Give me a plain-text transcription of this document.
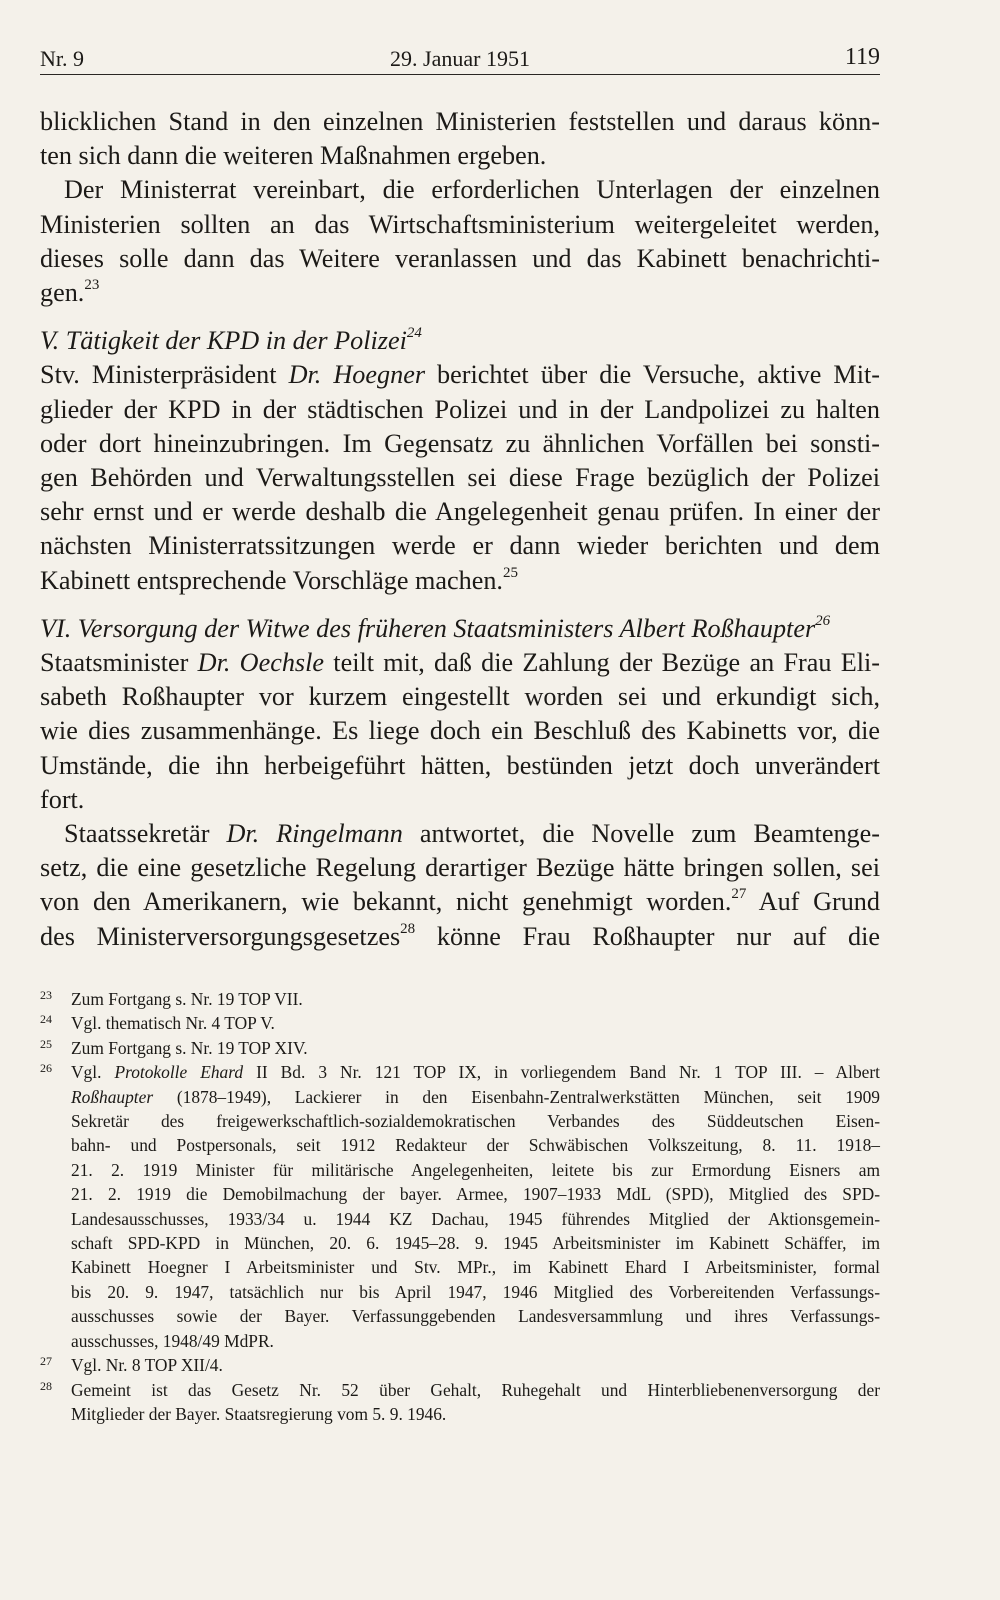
Nr. 9	29. Januar 1951	119

blicklichen Stand in den einzelnen Ministerien feststellen und daraus könn-

ten sich dann die weiteren Maßnahmen ergeben.

Der Ministerrat vereinbart, die erforderlichen Unterlagen der einzelnen

Ministerien sollten an das Wirtschaftsministerium weitergeleitet werden,

dieses solle dann das Weitere veranlassen und das Kabinett benachrichti-

gen.$^{23}$

V. Tätigkeit der KPD in der Polizei$^{24}$

Stv. Ministerpräsident Dr. Hoegner berichtet über die Versuche, aktive Mit-

glieder der KPD in der städtischen Polizei und in der Landpolizei zu halten

oder dort hineinzubringen. Im Gegensatz zu ähnlichen Vorfällen bei sonsti-

gen Behörden und Verwaltungsstellen sei diese Frage bezüglich der Polizei

sehr ernst und er werde deshalb die Angelegenheit genau prüfen. In einer der

nächsten Ministerratssitzungen werde er dann wieder berichten und dem

Kabinett entsprechende Vorschläge machen.$^{25}$

VI. Versorgung der Witwe des früheren Staatsministers Albert Roßhaupter$^{26}$

Staatsminister Dr. Oechsle teilt mit, daß die Zahlung der Bezüge an Frau Eli-

sabeth Roßhaupter vor kurzem eingestellt worden sei und erkundigt sich,

wie dies zusammenhänge. Es liege doch ein Beschluß des Kabinetts vor, die

Umstände, die ihn herbeigeführt hätten, bestünden jetzt doch unverändert

fort.

Staatssekretär Dr. Ringelmann antwortet, die Novelle zum Beamtenge-

setz, die eine gesetzliche Regelung derartiger Bezüge hätte bringen sollen, sei

von den Amerikanern, wie bekannt, nicht genehmigt worden.$^{27}$ Auf Grund

des Ministerversorgungsgesetzes$^{28}$ könne Frau Roßhaupter nur auf die

23 Zum Fortgang s. Nr. 19 TOP VII.
24 Vgl. thematisch Nr. 4 TOP V.
25 Zum Fortgang s. Nr. 19 TOP XIV.
26 Vgl. Protokolle Ehard II Bd. 3 Nr. 121 TOP IX, in vorliegendem Band Nr. 1 TOP III. – Albert
Roßhaupter (1878–1949), Lackierer in den Eisenbahn-Zentralwerkstätten München, seit 1909
Sekretär des freigewerkschaftlich-sozialdemokratischen Verbandes des Süddeutschen Eisen-
bahn- und Postpersonals, seit 1912 Redakteur der Schwäbischen Volkszeitung, 8. 11. 1918–
21. 2. 1919 Minister für militärische Angelegenheiten, leitete bis zur Ermordung Eisners am
21. 2. 1919 die Demobilmachung der bayer. Armee, 1907–1933 MdL (SPD), Mitglied des SPD-
Landesausschusses, 1933/34 u. 1944 KZ Dachau, 1945 führendes Mitglied der Aktionsgemein-
schaft SPD-KPD in München, 20. 6. 1945–28. 9. 1945 Arbeitsminister im Kabinett Schäffer, im
Kabinett Hoegner I Arbeitsminister und Stv. MPr., im Kabinett Ehard I Arbeitsminister, formal
bis 20. 9. 1947, tatsächlich nur bis April 1947, 1946 Mitglied des Vorbereitenden Verfassungs-
ausschusses sowie der Bayer. Verfassunggebenden Landesversammlung und ihres Verfassungs-
ausschusses, 1948/49 MdPR.
27 Vgl. Nr. 8 TOP XII/4.
28 Gemeint ist das Gesetz Nr. 52 über Gehalt, Ruhegehalt und Hinterbliebenenversorgung der
Mitglieder der Bayer. Staatsregierung vom 5. 9. 1946.
